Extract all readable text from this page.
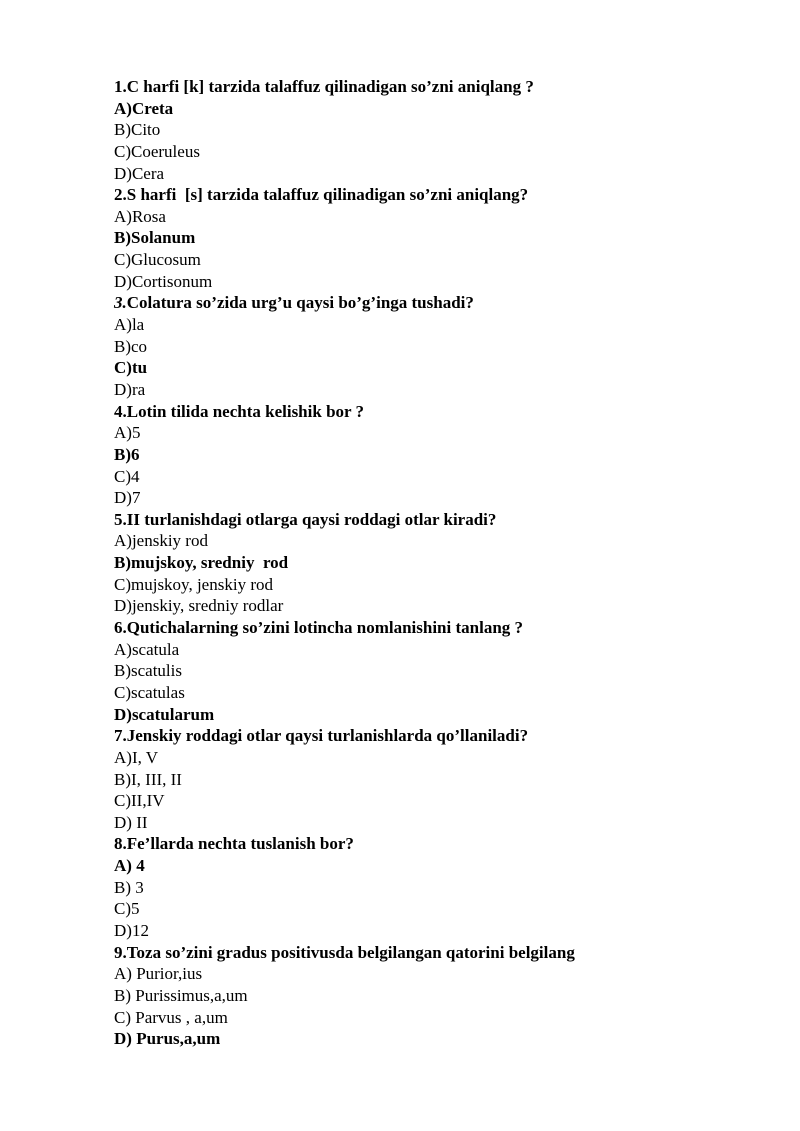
1.C harfi [k] tarzida talaffuz qilinadigan so’zni aniqlang ?

A)Creta

B)Cito

C)Coeruleus

D)Cera

2.S harfi  [s] tarzida talaffuz qilinadigan so’zni aniqlang?

A)Rosa

B)Solanum

C)Glucosum

D)Cortisonum

3.Colatura so’zida urg’u qaysi bo’g’inga tushadi?

A)la

B)co

C)tu

D)ra

4.Lotin tilida nechta kelishik bor ?

A)5

B)6

C)4

D)7

5.II turlanishdagi otlarga qaysi roddagi otlar kiradi?

A)jenskiy rod

B)mujskoy, sredniy  rod

C)mujskoy, jenskiy rod

D)jenskiy, sredniy rodlar

6.Qutichalarning so’zini lotincha nomlanishini tanlang ?

A)scatula

B)scatulis

C)scatulas

D)scatularum

7.Jenskiy roddagi otlar qaysi turlanishlarda qo’llaniladi?

A)I, V

B)I, III, II

C)II,IV

D) II

8.Fe’llarda nechta tuslanish bor?

A) 4

B) 3

C)5

D)12

9.Toza so’zini gradus positivusda belgilangan qatorini belgilang

A) Purior,ius

B) Purissimus,a,um

C) Parvus , a,um

D) Purus,a,um
